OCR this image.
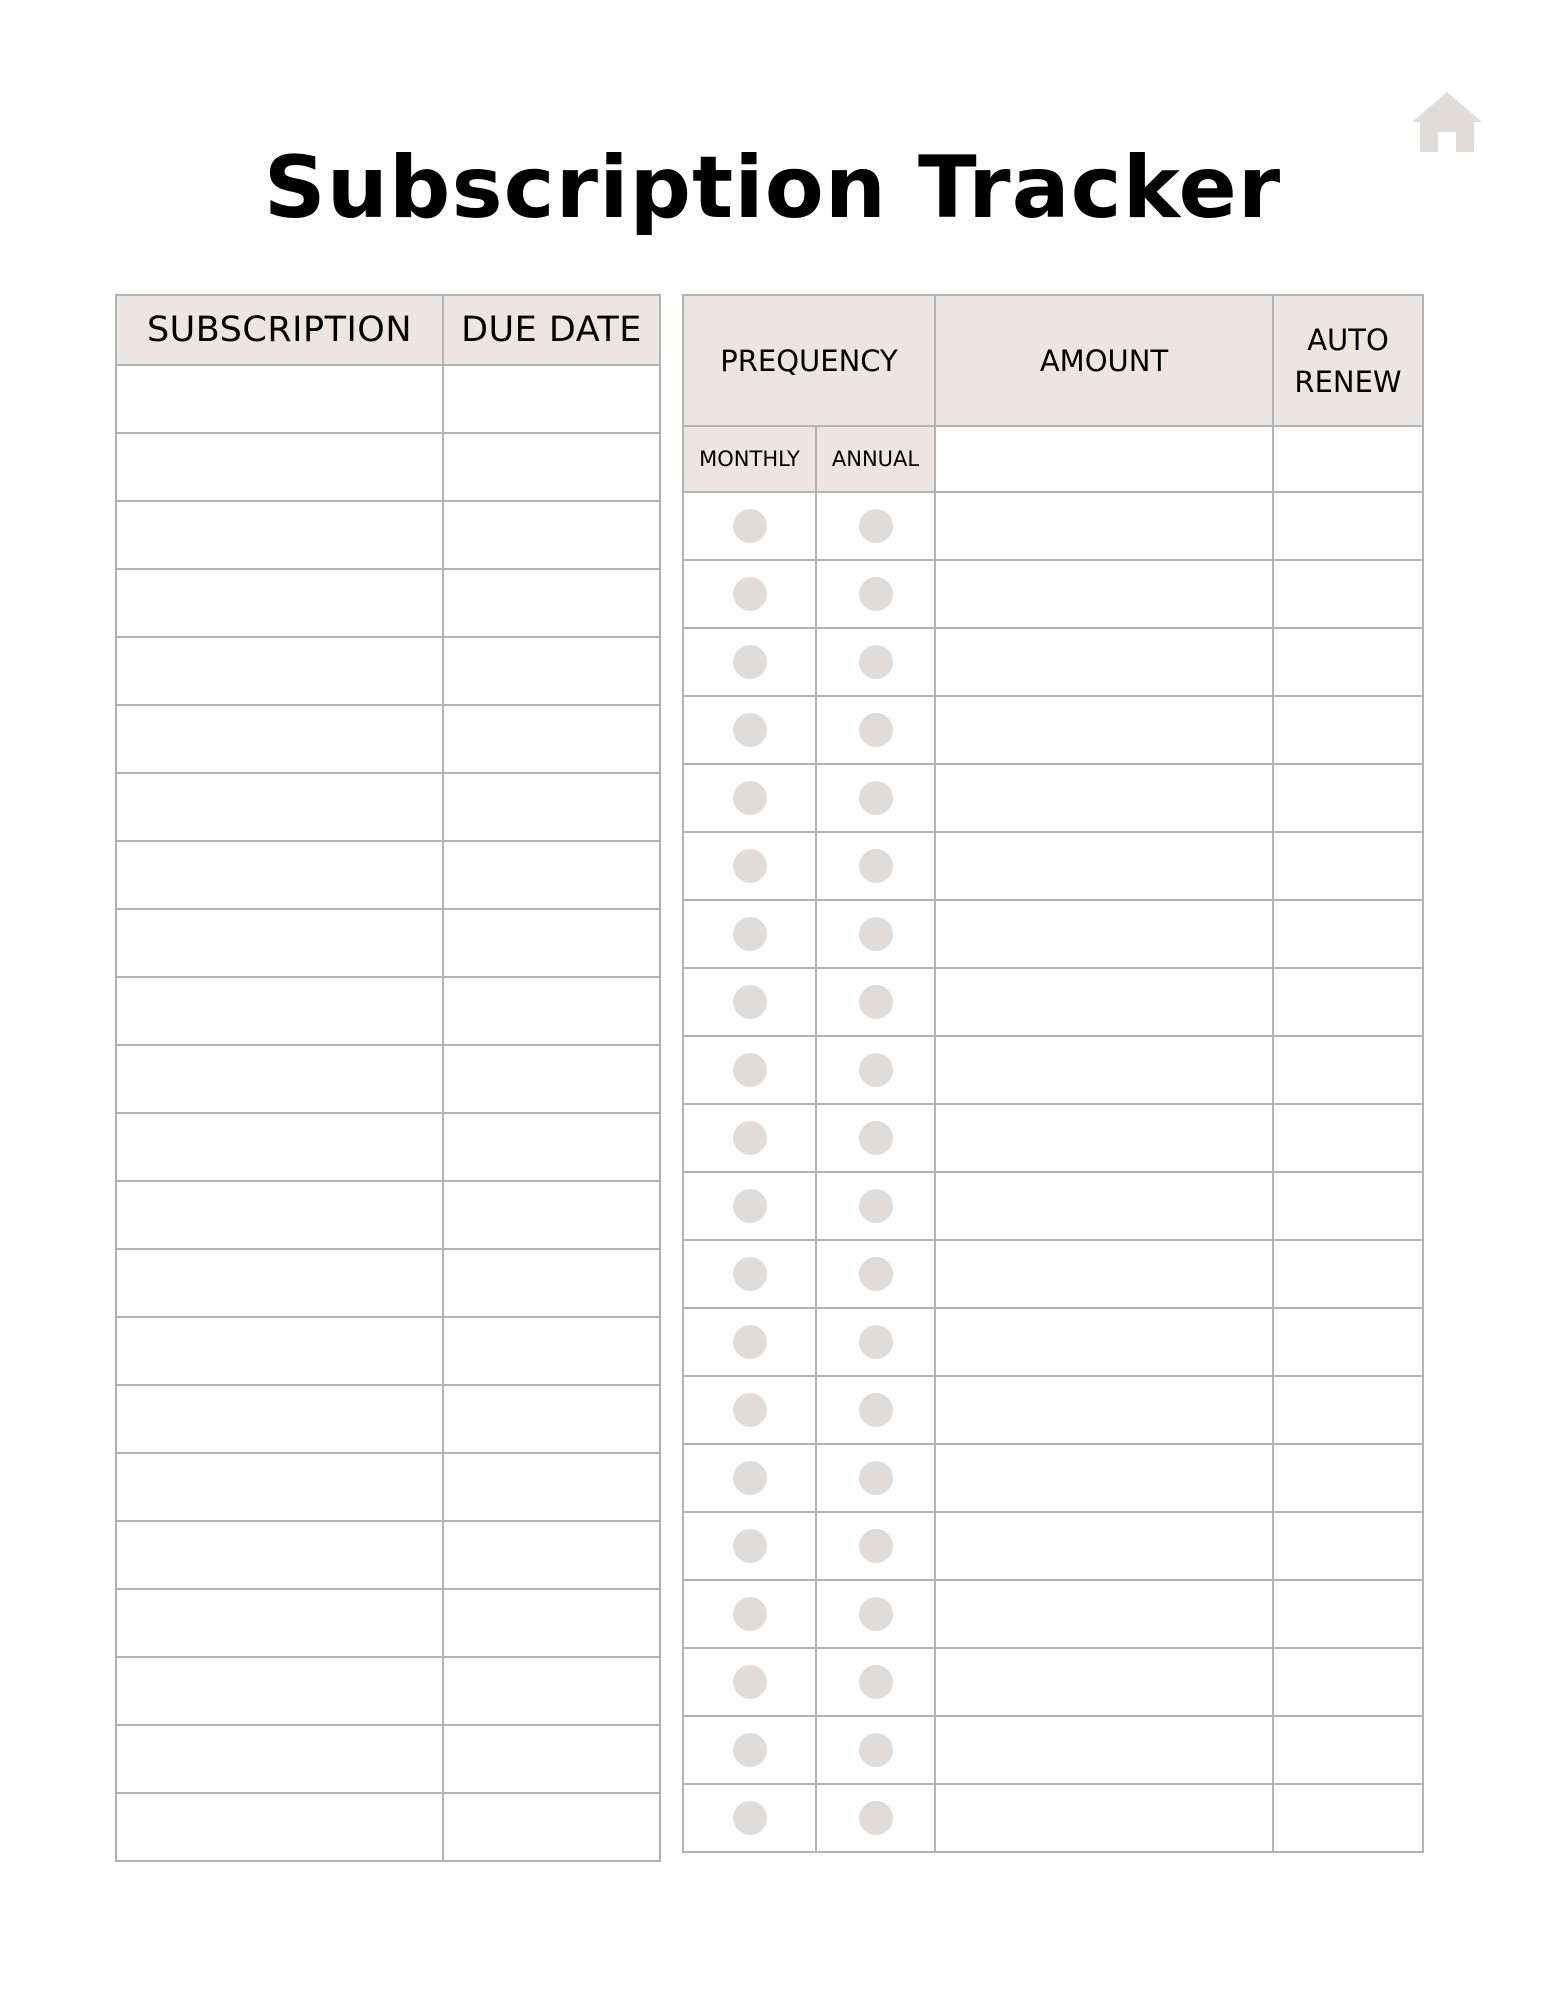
Subscription Tracker
SUBSCRIPTION	DUE DATE

PREQUENCY		AMOUNT	AUTO
RENEW
MONTHLY	ANNUAL		
